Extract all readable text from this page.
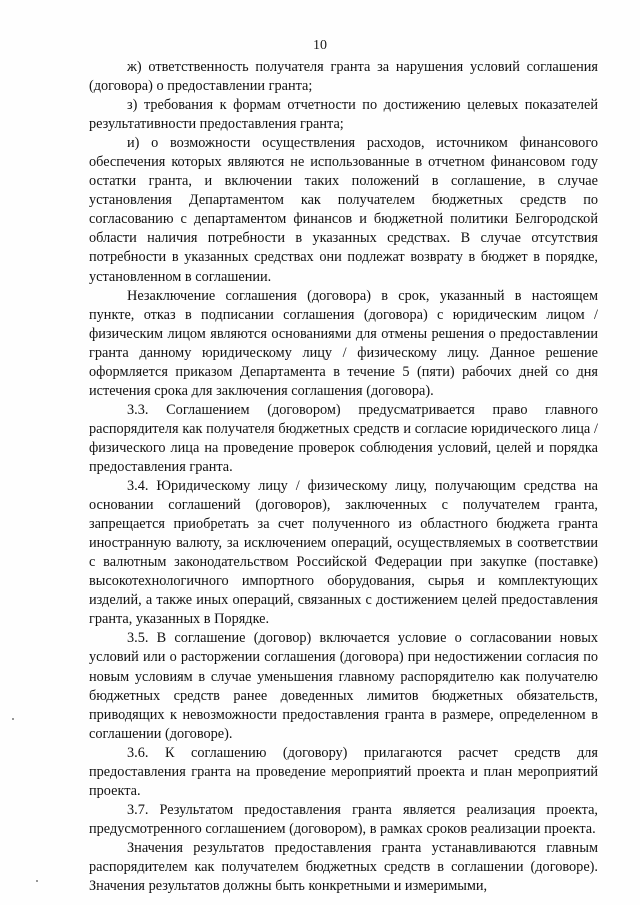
10

ж) ответственность получателя гранта за нарушения условий соглашения (договора) о предоставлении гранта;

з) требования к формам отчетности по достижению целевых показателей результативности предоставления гранта;

и) о возможности осуществления расходов, источником финансового обеспечения которых являются не использованные в отчетном финансовом году остатки гранта, и включении таких положений в соглашение, в случае установления Департаментом как получателем бюджетных средств по согласованию с департаментом финансов и бюджетной политики Белгородской области наличия потребности в указанных средствах. В случае отсутствия потребности в указанных средствах они подлежат возврату в бюджет в порядке, установленном в соглашении.

Незаключение соглашения (договора) в срок, указанный в настоящем пункте, отказ в подписании соглашения (договора) с юридическим лицом / физическим лицом являются основаниями для отмены решения о предоставлении гранта данному юридическому лицу / физическому лицу. Данное решение оформляется приказом Департамента в течение 5 (пяти) рабочих дней со дня истечения срока для заключения соглашения (договора).

3.3. Соглашением (договором) предусматривается право главного распорядителя как получателя бюджетных средств и согласие юридического лица / физического лица на проведение проверок соблюдения условий, целей и порядка предоставления гранта.

3.4. Юридическому лицу / физическому лицу, получающим средства на основании соглашений (договоров), заключенных с получателем гранта, запрещается приобретать за счет полученного из областного бюджета гранта иностранную валюту, за исключением операций, осуществляемых в соответствии с валютным законодательством Российской Федерации при закупке (поставке) высокотехнологичного импортного оборудования, сырья и комплектующих изделий, а также иных операций, связанных с достижением целей предоставления гранта, указанных в Порядке.

3.5. В соглашение (договор) включается условие о согласовании новых условий или о расторжении соглашения (договора) при недостижении согласия по новым условиям в случае уменьшения главному распорядителю как получателю бюджетных средств ранее доведенных лимитов бюджетных обязательств, приводящих к невозможности предоставления гранта в размере, определенном в соглашении (договоре).

3.6. К соглашению (договору) прилагаются расчет средств для предоставления гранта на проведение мероприятий проекта и план мероприятий проекта.

3.7. Результатом предоставления гранта является реализация проекта, предусмотренного соглашением (договором), в рамках сроков реализации проекта.

Значения результатов предоставления гранта устанавливаются главным распорядителем как получателем бюджетных средств в соглашении (договоре). Значения результатов должны быть конкретными и измеримыми,
